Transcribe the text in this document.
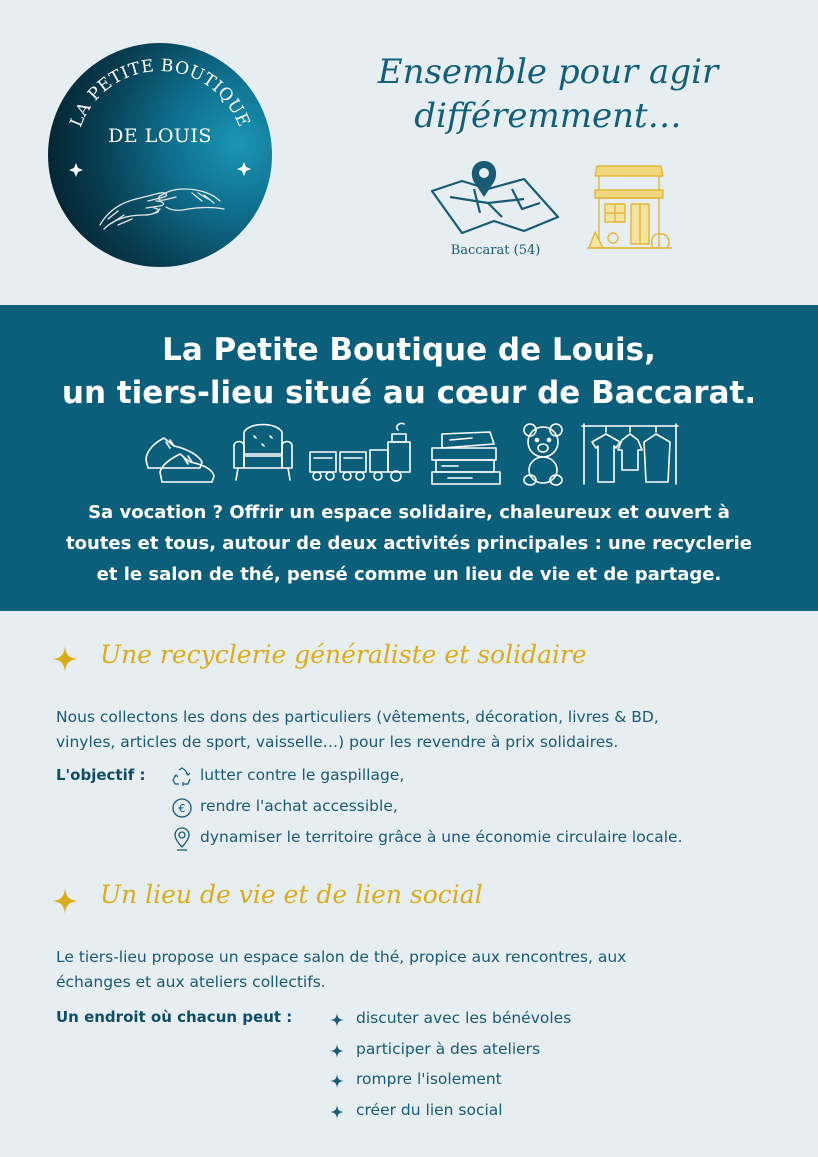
LA PETITE BOUTIQUE
DE LOUIS
Ensemble pour agir
différemment…
Baccarat (54)
La Petite Boutique de Louis,
un tiers-lieu situé au cœur de Baccarat.
Sa vocation ? Offrir un espace solidaire, chaleureux et ouvert à
toutes et tous, autour de deux activités principales : une recyclerie
et le salon de thé, pensé comme un lieu de vie et de partage.
Une recyclerie généraliste et solidaire
Nous collectons les dons des particuliers (vêtements, décoration, livres & BD,
vinyles, articles de sport, vaisselle…) pour les revendre à prix solidaires.
L'objectif :	lutter contre le gaspillage,
€ rendre l'achat accessible,
dynamiser le territoire grâce à une économie circulaire locale.
Un lieu de vie et de lien social
Le tiers-lieu propose un espace salon de thé, propice aux rencontres, aux
échanges et aux ateliers collectifs.
Un endroit où chacun peut :	discuter avec les bénévoles
participer à des ateliers
rompre l'isolement
créer du lien social
